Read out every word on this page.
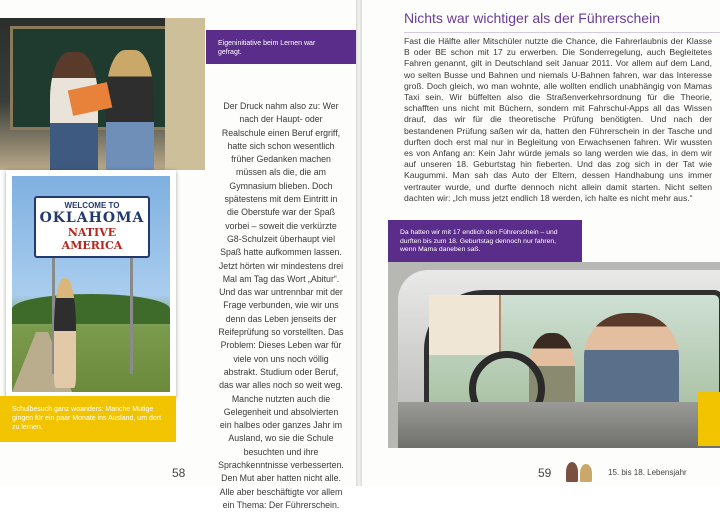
Eigeninitiative beim Lernen war gefragt.
WELCOME TO
OKLAHOMA
NATIVE AMERICA
Schulbesuch ganz woanders: Manche Mutige gingen für ein paar Monate ins Ausland, um dort zu lernen.
Der Druck nahm also zu: Wer nach der Haupt- oder Realschule einen Beruf ergriff, hatte sich schon wesentlich früher Gedanken machen müssen als die, die am Gymnasium blieben. Doch spätestens mit dem Eintritt in die Oberstufe war der Spaß vorbei – soweit die verkürzte G8-Schulzeit überhaupt viel Spaß hatte aufkommen lassen. Jetzt hörten wir mindestens drei Mal am Tag das Wort „Abitur“. Und das war untrennbar mit der Frage verbunden, wie wir uns denn das Leben jenseits der Reifeprüfung so vorstellten. Das Problem: Dieses Leben war für viele von uns noch völlig abstrakt. Studium oder Beruf, das war alles noch so weit weg. Manche nutzten auch die Gelegenheit und absolvierten ein halbes oder ganzes Jahr im Ausland, wo sie die Schule besuchten und ihre Sprachkenntnisse verbesserten. Den Mut aber hatten nicht alle. Alle aber beschäftigte vor allem ein Thema: Der Führerschein.
58
Nichts war wichtiger als der Führerschein
Fast die Hälfte aller Mitschüler nutzte die Chance, die Fahrerlaubnis der Klasse B oder BE schon mit 17 zu erwerben. Die Sonderregelung, auch Begleitetes Fahren genannt, gilt in Deutschland seit Januar 2011. Vor allem auf dem Land, wo selten Busse und Bahnen und niemals U-Bahnen fahren, war das Interesse groß. Doch gleich, wo man wohnte, alle wollten endlich unabhängig von Mamas Taxi sein. Wir büffelten also die Straßenverkehrsordnung für die Theorie, schafften uns nicht mit Büchern, sondern mit Fahrschul-Apps all das Wissen drauf, das wir für die theoretische Prüfung benötigten. Und nach der bestandenen Prüfung saßen wir da, hatten den Führerschein in der Tasche und durften doch erst mal nur in Begleitung von Erwachsenen fahren. Wir wussten es von Anfang an: Kein Jahr würde jemals so lang werden wie das, in dem wir auf unseren 18. Geburtstag hin fieberten. Und das zog sich in der Tat wie Kaugummi. Man sah das Auto der Eltern, dessen Handhabung uns immer vertrauter wurde, und durfte dennoch nicht allein damit starten. Nicht selten dachten wir: „Ich muss jetzt endlich 18 werden, ich halte es nicht mehr aus.“
Da hatten wir mit 17 endlich den Führerschein – und durften bis zum 18. Geburtstag dennoch nur fahren, wenn Mama daneben saß.
59	15. bis 18. Lebensjahr
